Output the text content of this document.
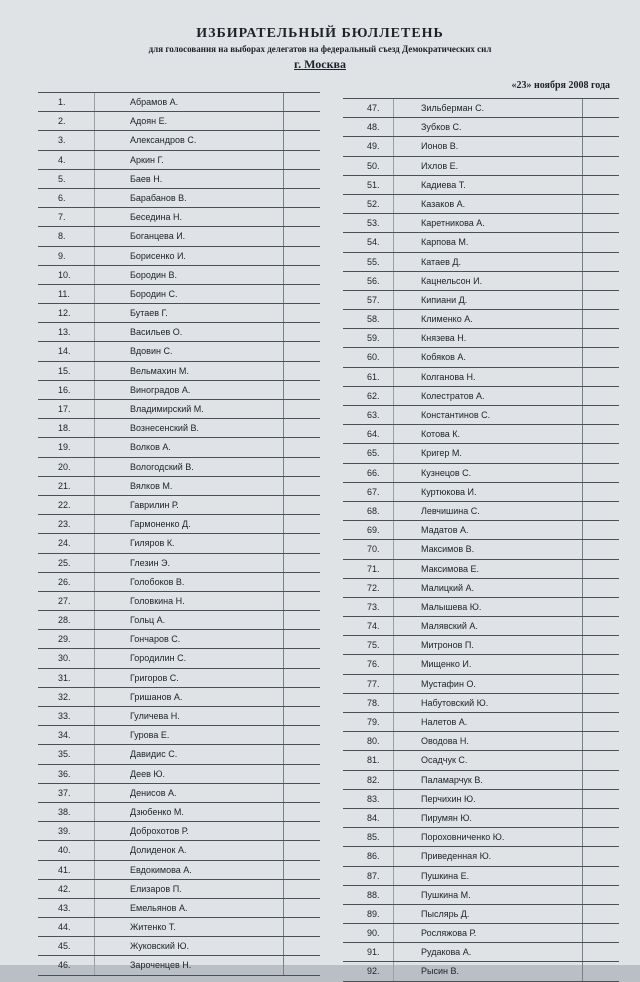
ИЗБИРАТЕЛЬНЫЙ БЮЛЛЕТЕНЬ
для голосования на выборах делегатов на федеральный съезд Демократических сил
г. Москва
«23» ноября 2008 года
1.	Абрамов А.
2.	Адоян Е.
3.	Александров С.
4.	Аркин Г.
5.	Баев Н.
6.	Барабанов В.
7.	Беседина Н.
8.	Боганцева И.
9.	Борисенко И.
10.	Бородин В.
11.	Бородин С.
12.	Бутаев Г.
13.	Васильев О.
14.	Вдовин С.
15.	Вельмахин М.
16.	Виноградов А.
17.	Владимирский М.
18.	Вознесенский В.
19.	Волков А.
20.	Вологодский В.
21.	Вялков М.
22.	Гаврилин Р.
23.	Гармоненко Д.
24.	Гиляров К.
25.	Глезин Э.
26.	Голобоков В.
27.	Головкина Н.
28.	Гольц А.
29.	Гончаров С.
30.	Городилин С.
31.	Григоров С.
32.	Гришанов А.
33.	Гуличева Н.
34.	Гурова Е.
35.	Давидис С.
36.	Деев Ю.
37.	Денисов А.
38.	Дзюбенко М.
39.	Доброхотов Р.
40.	Долиденок А.
41.	Евдокимова А.
42.	Елизаров П.
43.	Емельянов А.
44.	Житенко Т.
45.	Жуковский Ю.
46.	Зароченцев Н.
47.	Зильберман С.
48.	Зубков С.
49.	Ионов В.
50.	Ихлов Е.
51.	Кадиева Т.
52.	Казаков А.
53.	Каретникова А.
54.	Карпова М.
55.	Катаев Д.
56.	Кацнельсон И.
57.	Кипиани Д.
58.	Клименко А.
59.	Князева Н.
60.	Кобяков А.
61.	Колганова Н.
62.	Колестратов А.
63.	Константинов С.
64.	Котова К.
65.	Кригер М.
66.	Кузнецов С.
67.	Куртюкова И.
68.	Левчишина С.
69.	Мадатов А.
70.	Максимов В.
71.	Максимова Е.
72.	Малицкий А.
73.	Малышева Ю.
74.	Малявский А.
75.	Митронов П.
76.	Мищенко И.
77.	Мустафин О.
78.	Набутовский Ю.
79.	Налетов А.
80.	Оводова Н.
81.	Осадчук С.
82.	Паламарчук В.
83.	Перчихин Ю.
84.	Пирумян Ю.
85.	Пороховниченко Ю.
86.	Приведенная Ю.
87.	Пушкина Е.
88.	Пушкина М.
89.	Пыслярь Д.
90.	Росляжова Р.
91.	Рудакова А.
92.	Рысин В.
